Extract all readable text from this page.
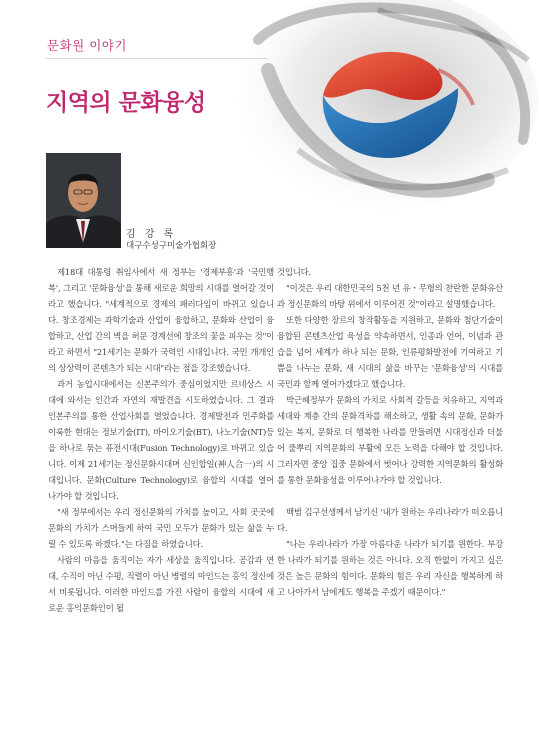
문화원 이야기
지역의 문화융성
김 강 록
대구수성구미술가협회장

제18대 대통령 취임사에서 새 정부는 '경제부흥'과 '국민행복', 그리고 '문화융성'을 통해 새로운 희망의 시대를 열어갈 것이라고 했습니다. "세계적으로 경제의 패러다임이 바뀌고 있습니다. 창조경제는 과학기술과 산업이 융합하고, 문화와 산업이 융합하고, 산업 간의 벽을 허문 경계선에 창조의 꽃을 피우는 것"이라고 하면서 "21세기는 문화가 국력인 시대입니다. 국민 개개인의 상상력이 콘텐츠가 되는 시대"라는 점을 강조했습니다.

과거 농업시대에서는 신본주의가 중심이었지만 르네상스 시대에 와서는 인간과 자연의 재발견을 시도하였습니다. 그 결과 인본주의를 통한 산업사회를 열었습니다. 경제발전과 민주화를 이룩한 현대는 정보기술(IT), 바이오기술(BT), 나노기술(NT)등을 하나로 묶는 퓨전시대(Fusion Technology)로 바뀌고 있습니다. 이제 21세기는 정신문화시대며 신인합일(神人合一)의 시대입니다. 문화(Culture Technology)로 융합의 시대를 열어 나가야 할 것입니다.

"새 정부에서는 우리 정신문화의 가치를 높이고, 사회 곳곳에 문화의 가치가 스며들게 하여 국민 모두가 문화가 있는 삶을 누릴 수 있도록 하겠다."는 다짐을 하였습니다.

사람의 마음을 움직이는 자가 세상을 움직입니다. 공감과 연대, 수직이 아닌 수평, 직렬이 아닌 병렬의 마인드는 홍익 정신에서 비롯됩니다. 이러한 마인드를 가진 사람이 융합의 시대에 새로운 홍익문화인이 될

것입니다.

"이것은 우리 대한민국의 5천 년 유・무형의 찬란한 문화유산과 정신문화의 바탕 위에서 이루어진 것"이라고 설명했습니다.

또한 다양한 장르의 창작활동을 지원하고, 문화와 첨단기술이 융합된 콘텐츠산업 육성을 약속하면서, 인종과 언어, 이념과 관습을 넘어 세계가 하나 되는 문화, 인류평화발전에 기여하고 기쁨을 나누는 문화, 새 시대의 삶을 바꾸는 '문화융성'의 시대를 국민과 함께 열어가겠다고 했습니다.

박근혜정부가 문화의 가치로 사회적 갈등을 치유하고, 지역과 세대와 계층 간의 문화격차를 해소하고, 생활 속의 문화, 문화가 있는 복지, 문화로 더 행복한 나라를 만들려면 시대정신과 더불어 풀뿌리 지역문화의 부활에 모든 노력을 다해야 할 것입니다. 그러자면 중앙 집중 문화에서 벗어나 강력한 지역문화의 활성화를 통한 문화융성을 이루어나가야 할 것입니다.

백범 김구선생께서 남기신 '내가 원하는 우리나라'가 떠오릅니다.

"나는 우리나라가 가장 아름다운 나라가 되기를 원한다. 부강한 나라가 되기를 원하는 것은 아니다. 오직 한없이 가지고 싶은 것은 높은 문화의 힘이다. 문화의 힘은 우리 자신을 행복하게 하고 나아가서 남에게도 행복을 주겠기 때문이다."
